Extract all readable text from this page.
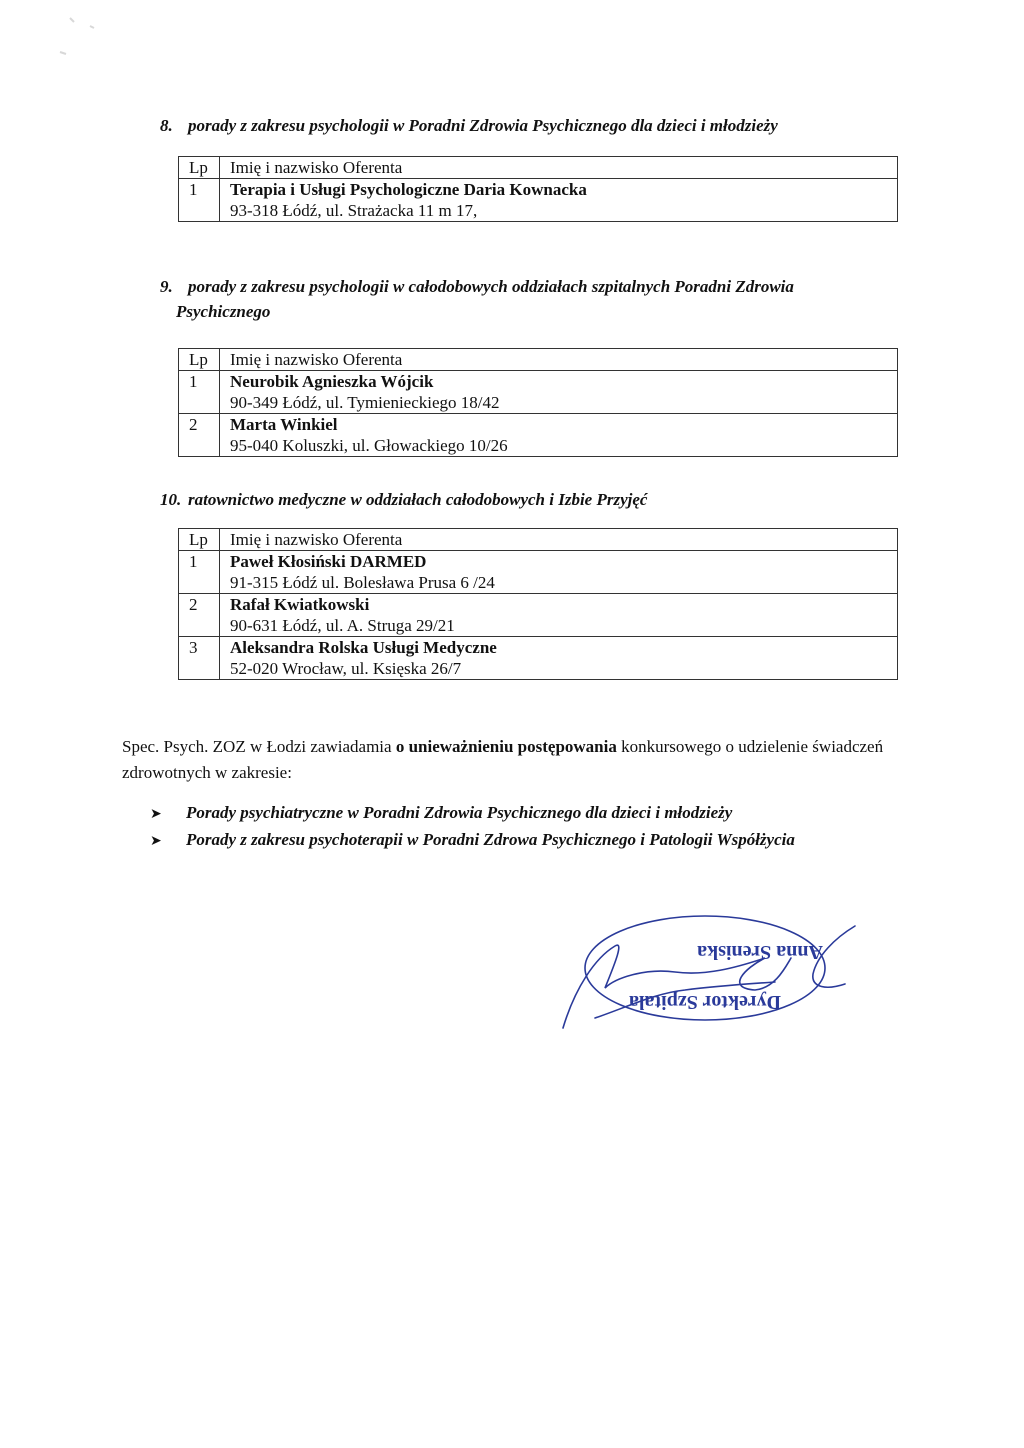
8. porady z zakresu psychologii w Poradni Zdrowia Psychicznego dla dzieci i młodzieży

Lp	Imię i nazwisko Oferenta
1	Terapia i Usługi Psychologiczne Daria Kownacka
93-318 Łódź, ul. Strażacka 11 m 17,

9. porady z zakresu psychologii w całodobowych oddziałach szpitalnych Poradni Zdrowia
Psychicznego

Lp	Imię i nazwisko Oferenta
1	Neurobik Agnieszka Wójcik
90-349 Łódź, ul. Tymienieckiego 18/42

2	Marta Winkiel
95-040 Koluszki, ul. Głowackiego 10/26

10. ratownictwo medyczne w oddziałach całodobowych i Izbie Przyjęć

Lp	Imię i nazwisko Oferenta
1	Paweł Kłosiński DARMED
91-315 Łódź ul. Bolesława Prusa 6 /24

2	Rafał Kwiatkowski
90-631 Łódź, ul. A. Struga 29/21

3	Aleksandra Rolska Usługi Medyczne
52-020 Wrocław, ul. Księska 26/7

Spec. Psych. ZOZ w Łodzi zawiadamia o unieważnieniu postępowania konkursowego o udzielenie świadczeń zdrowotnych w zakresie:

➤	Porady psychiatryczne w Poradni Zdrowia Psychicznego dla dzieci i młodzieży
➤	Porady z zakresu psychoterapii w Poradni Zdrowa Psychicznego i Patologii Współżycia
Anna Sreniska
Dyrektor Szpitala
